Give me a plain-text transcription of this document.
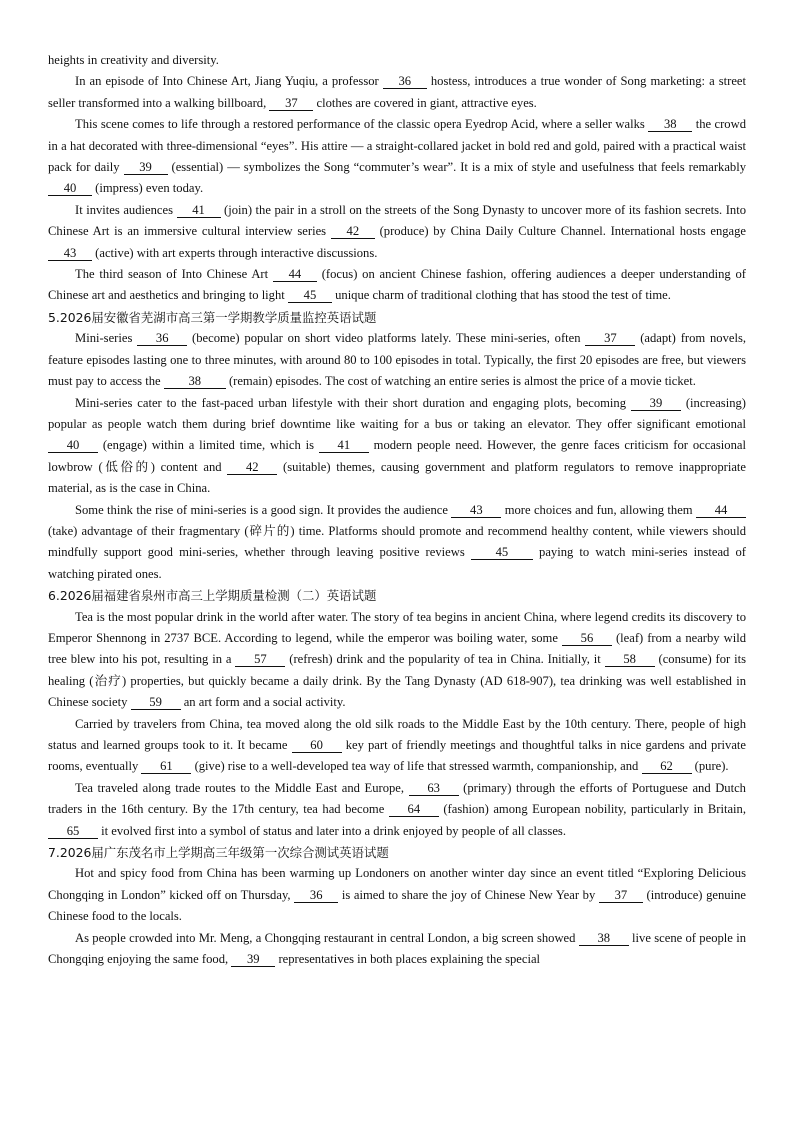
heights in creativity and diversity.

In an episode of Into Chinese Art, Jiang Yuqiu, a professor 36 hostess, introduces a true wonder of Song marketing: a street seller transformed into a walking billboard, 37 clothes are covered in giant, attractive eyes.

This scene comes to life through a restored performance of the classic opera Eyedrop Acid, where a seller walks 38 the crowd in a hat decorated with three-dimensional “eyes”. His attire — a straight-collared jacket in bold red and gold, paired with a practical waist pack for daily 39 (essential) — symbolizes the Song “commuter’s wear”. It is a mix of style and usefulness that feels remarkably 40 (impress) even today.

It invites audiences 41 (join) the pair in a stroll on the streets of the Song Dynasty to uncover more of its fashion secrets. Into Chinese Art is an immersive cultural interview series 42 (produce) by China Daily Culture Channel. International hosts engage 43 (active) with art experts through interactive discussions.

The third season of Into Chinese Art 44 (focus) on ancient Chinese fashion, offering audiences a deeper understanding of Chinese art and aesthetics and bringing to light 45 unique charm of traditional clothing that has stood the test of time.

5.2026届安徽省芜湖市高三第一学期教学质量监控英语试题

Mini-series 36 (become) popular on short video platforms lately. These mini-series, often 37 (adapt) from novels, feature episodes lasting one to three minutes, with around 80 to 100 episodes in total. Typically, the first 20 episodes are free, but viewers must pay to access the 38 (remain) episodes. The cost of watching an entire series is almost the price of a movie ticket.

Mini-series cater to the fast-paced urban lifestyle with their short duration and engaging plots, becoming 39 (increasing) popular as people watch them during brief downtime like waiting for a bus or taking an elevator. They offer significant emotional 40 (engage) within a limited time, which is 41 modern people need. However, the genre faces criticism for occasional lowbrow (低俗的) content and 42 (suitable) themes, causing government and platform regulators to remove inappropriate material, as is the case in China.

Some think the rise of mini-series is a good sign. It provides the audience 43 more choices and fun, allowing them 44 (take) advantage of their fragmentary (碎片的) time. Platforms should promote and recommend healthy content, while viewers should mindfully support good mini-series, whether through leaving positive reviews 45 paying to watch mini-series instead of watching pirated ones.

6.2026届福建省泉州市高三上学期质量检测（二）英语试题

Tea is the most popular drink in the world after water. The story of tea begins in ancient China, where legend credits its discovery to Emperor Shennong in 2737 BCE. According to legend, while the emperor was boiling water, some 56 (leaf) from a nearby wild tree blew into his pot, resulting in a 57 (refresh) drink and the popularity of tea in China. Initially, it 58 (consume) for its healing (治疗) properties, but quickly became a daily drink. By the Tang Dynasty (AD 618-907), tea drinking was well established in Chinese society 59 an art form and a social activity.

Carried by travelers from China, tea moved along the old silk roads to the Middle East by the 10th century. There, people of high status and learned groups took to it. It became 60 key part of friendly meetings and thoughtful talks in nice gardens and private rooms, eventually 61 (give) rise to a well-developed tea way of life that stressed warmth, companionship, and 62 (pure).

Tea traveled along trade routes to the Middle East and Europe, 63 (primary) through the efforts of Portuguese and Dutch traders in the 16th century. By the 17th century, tea had become 64 (fashion) among European nobility, particularly in Britain, 65 it evolved first into a symbol of status and later into a drink enjoyed by people of all classes.

7.2026届广东茂名市上学期高三年级第一次综合测试英语试题

Hot and spicy food from China has been warming up Londoners on another winter day since an event titled “Exploring Delicious Chongqing in London” kicked off on Thursday, 36 is aimed to share the joy of Chinese New Year by 37 (introduce) genuine Chinese food to the locals.

As people crowded into Mr. Meng, a Chongqing restaurant in central London, a big screen showed 38 live scene of people in Chongqing enjoying the same food, 39 representatives in both places explaining the special
